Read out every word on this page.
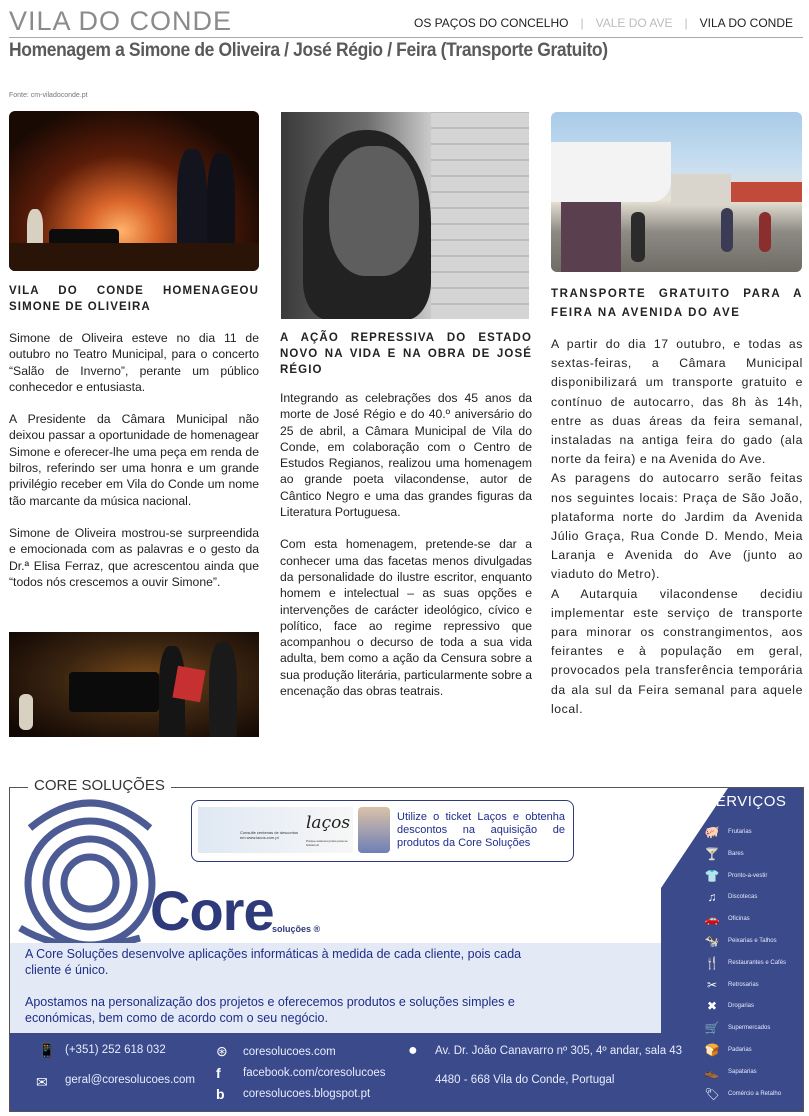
VILA DO CONDE	OS PAÇOS DO CONCELHO | VALE DO AVE | VILA DO CONDE
Homenagem a Simone de Oliveira / José Régio / Feira (Transporte Gratuito)
Fonte: cm-viladoconde.pt
VILA DO CONDE HOMENAGEOU SIMONE DE OLIVEIRA

Simone de Oliveira esteve no dia 11 de outubro no Teatro Municipal, para o concerto “Salão de Inverno”, perante um público conhecedor e entusiasta.

A Presidente da Câmara Municipal não deixou passar a oportunidade de homenagear Simone e oferecer-lhe uma peça em renda de bilros, referindo ser uma honra e um grande privilégio receber em Vila do Conde um nome tão marcante da música nacional.

Simone de Oliveira mostrou-se surpreendida e emocionada com as palavras e o gesto da Dr.ª Elisa Ferraz, que acrescentou ainda que “todos nós crescemos a ouvir Simone”.

A AÇÃO REPRESSIVA DO ESTADO NOVO NA VIDA E NA OBRA DE JOSÉ RÉGIO

Integrando as celebrações dos 45 anos da morte de José Régio e do 40.º aniversário do 25 de abril, a Câmara Municipal de Vila do Conde, em colaboração com o Centro de Estudos Regianos, realizou uma homenagem ao grande poeta vilacondense, autor de Cântico Negro e uma das grandes figuras da Literatura Portuguesa.

Com esta homenagem, pretende-se dar a conhecer uma das facetas menos divulgadas da personalidade do ilustre escritor, enquanto homem e intelectual – as suas opções e intervenções de carácter ideológico, cívico e político, face ao regime repressivo que acompanhou o decurso de toda a sua vida adulta, bem como a ação da Censura sobre a sua produção literária, particularmente sobre a encenação das obras teatrais.

TRANSPORTE GRATUITO PARA A FEIRA NA AVENIDA DO AVE

A partir do dia 17 outubro, e todas as sextas-feiras, a Câmara Municipal disponibilizará um transporte gratuito e contínuo de autocarro, das 8h às 14h, entre as duas áreas da feira semanal, instaladas na antiga feira do gado (ala norte da feira) e na Avenida do Ave.

As paragens do autocarro serão feitas nos seguintes locais: Praça de São João, plataforma norte do Jardim da Avenida Júlio Graça, Rua Conde D. Mendo, Meia Laranja e Avenida do Ave (junto ao viaduto do Metro).

A Autarquia vilacondense decidiu implementar este serviço de transporte para minorar os constrangimentos, aos feirantes e à população em geral, provocados pela transferência temporária da ala sul da Feira semanal para aquele local.

CORE SOLUÇÕES
laços
Consulte centenas de descontos em www.lacos.com.pt
Porque estamos juntos para se bobamos!
Utilize o ticket Laços e obtenha descontos na aquisição de produtos da Core Soluções
Core
soluções ®
A Core Soluções desenvolve aplicações informáticas à medida de cada cliente, pois cada cliente é único.
Apostamos na personalização dos projetos e oferecemos produtos e soluções simples e económicas, bem como de acordo com o seu negócio.
OS NOSSOS SERVIÇOS
🐖 Frutarias
🍸 Bares
👕 Pronto-a-vestir
♫	Discotecas
🚗 Oficinas
🐄 Peixarias e Talhos
🍴 Restaurantes e Cafés
✂	Retrosarias
✖	Drogarias
🛒 Supermercados
🍞 Padarias
👞 Sapatarias
🏷 Comércio a Retalho
📱 (+351) 252 618 032
✉ geral@coresolucoes.com
⊛ coresolucoes.com
f facebook.com/coresolucoes
b coresolucoes.blogspot.pt
● Av. Dr. João Canavarro nº 305, 4º andar, sala 43
4480 - 668 Vila do Conde, Portugal
